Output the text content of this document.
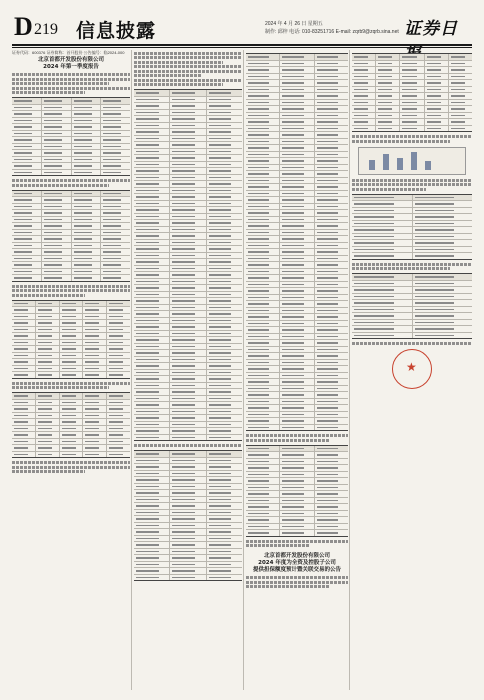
D 219 信息披露	2024 年 4 月 26 日 星期五
制作: 邱梓 电话: 010-83251716 E-mail: zqrb9@zqrb.sina.net 证券日
证券代码：600376 证券简称：首开股份 公告编号：临2024-000
北京首都开发股份有限公司
2024 年第一季度报告
北京首都开发股份有限公司
2024 年度为全资及控股子公司
提供担保额度预计暨关联交易的公告
★
